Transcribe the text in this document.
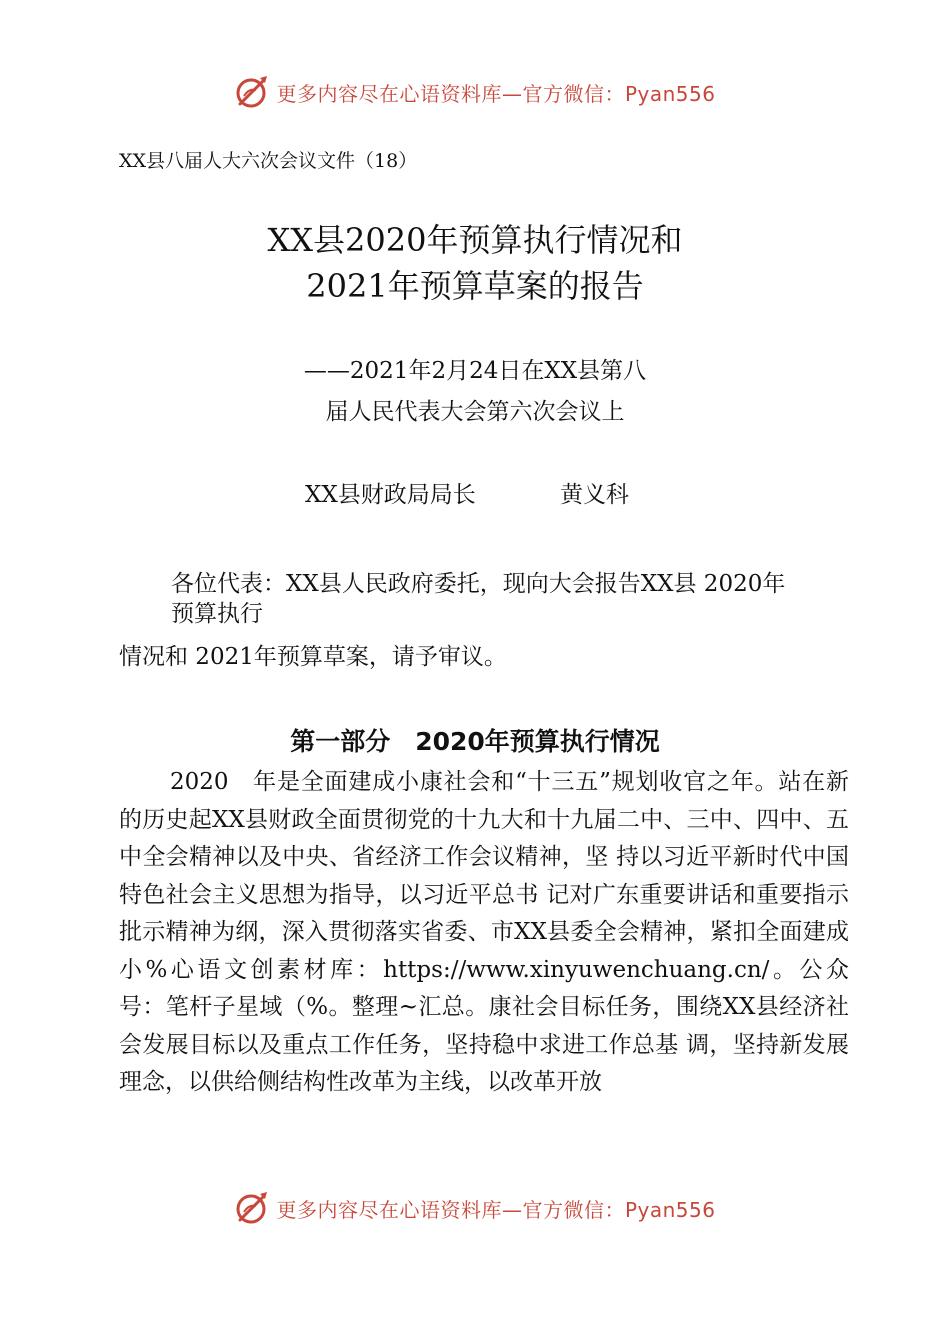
更多内容尽在心语资料库—官方微信：Pyan556
XX县八届人大六次会议文件（18）
XX县2020年预算执行情况和
2021年预算草案的报告
——2021年2月24日在XX县第八
届人民代表大会第六次会议上
XX县财政局局长	黄义科
各位代表：XX县人民政府委托，现向大会报告XX县 2020年
预算执行
情况和 2021年预算草案，请予审议。
第一部分　2020年预算执行情况
2020　年是全面建成小康社会和“十三五”规划收官之年。站在新的历史起XX县财政全面贯彻党的十九大和十九届二中、三中、四中、五中全会精神以及中央、省经济工作会议精神，坚 持以习近平新时代中国特色社会主义思想为指导，以习近平总书 记对广东重要讲话和重要指示批示精神为纲，深入贯彻落实省委、市XX县委全会精神，紧扣全面建成小%心语文创素材库：https://www.xinyuwenchuang.cn/。公众号：笔杆子星域（%。整理~汇总。康社会目标任务，围绕XX县经济社会发展目标以及重点工作任务，坚持稳中求进工作总基 调，坚持新发展理念，以供给侧结构性改革为主线，以改革开放
更多内容尽在心语资料库—官方微信：Pyan556
